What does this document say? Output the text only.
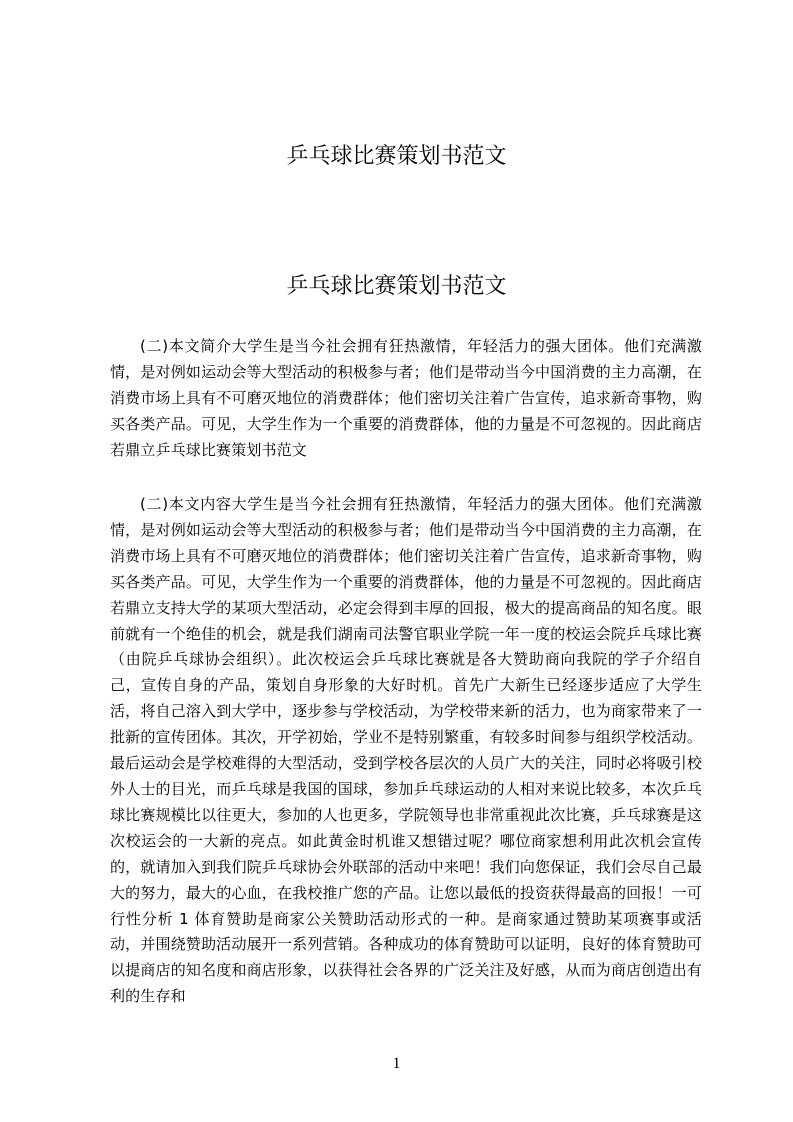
乒乓球比赛策划书范文
乒乓球比赛策划书范文

(二)本文简介大学生是当今社会拥有狂热激情，年轻活力的强大团体。他们充满激情，是对例如运动会等大型活动的积极参与者；他们是带动当今中国消费的主力高潮，在消费市场上具有不可磨灭地位的消费群体；他们密切关注着广告宣传，追求新奇事物，购买各类产品。可见，大学生作为一个重要的消费群体，他的力量是不可忽视的。因此商店若鼎立乒乓球比赛策划书范文

(二)本文内容大学生是当今社会拥有狂热激情，年轻活力的强大团体。他们充满激情，是对例如运动会等大型活动的积极参与者；他们是带动当今中国消费的主力高潮，在消费市场上具有不可磨灭地位的消费群体；他们密切关注着广告宣传，追求新奇事物，购买各类产品。可见，大学生作为一个重要的消费群体，他的力量是不可忽视的。因此商店若鼎立支持大学的某项大型活动，必定会得到丰厚的回报，极大的提高商品的知名度。眼前就有一个绝佳的机会，就是我们湖南司法警官职业学院一年一度的校运会院乒乓球比赛（由院乒乓球协会组织）。此次校运会乒乓球比赛就是各大赞助商向我院的学子介绍自己，宣传自身的产品，策划自身形象的大好时机。首先广大新生已经逐步适应了大学生活，将自己溶入到大学中，逐步参与学校活动，为学校带来新的活力，也为商家带来了一批新的宣传团体。其次，开学初始，学业不是特别繁重，有较多时间参与组织学校活动。最后运动会是学校难得的大型活动，受到学校各层次的人员广大的关注，同时必将吸引校外人士的目光，而乒乓球是我国的国球，参加乒乓球运动的人相对来说比较多，本次乒乓球比赛规模比以往更大，参加的人也更多，学院领导也非常重视此次比赛，乒乓球赛是这次校运会的一大新的亮点。如此黄金时机谁又想错过呢？哪位商家想利用此次机会宣传的，就请加入到我们院乒乓球协会外联部的活动中来吧！我们向您保证，我们会尽自己最大的努力，最大的心血，在我校推广您的产品。让您以最低的投资获得最高的回报！一可行性分析 1 体育赞助是商家公关赞助活动形式的一种。是商家通过赞助某项赛事或活动，并围绕赞助活动展开一系列营销。各种成功的体育赞助可以证明，良好的体育赞助可以提商店的知名度和商店形象，以获得社会各界的广泛关注及好感，从而为商店创造出有利的生存和

1
